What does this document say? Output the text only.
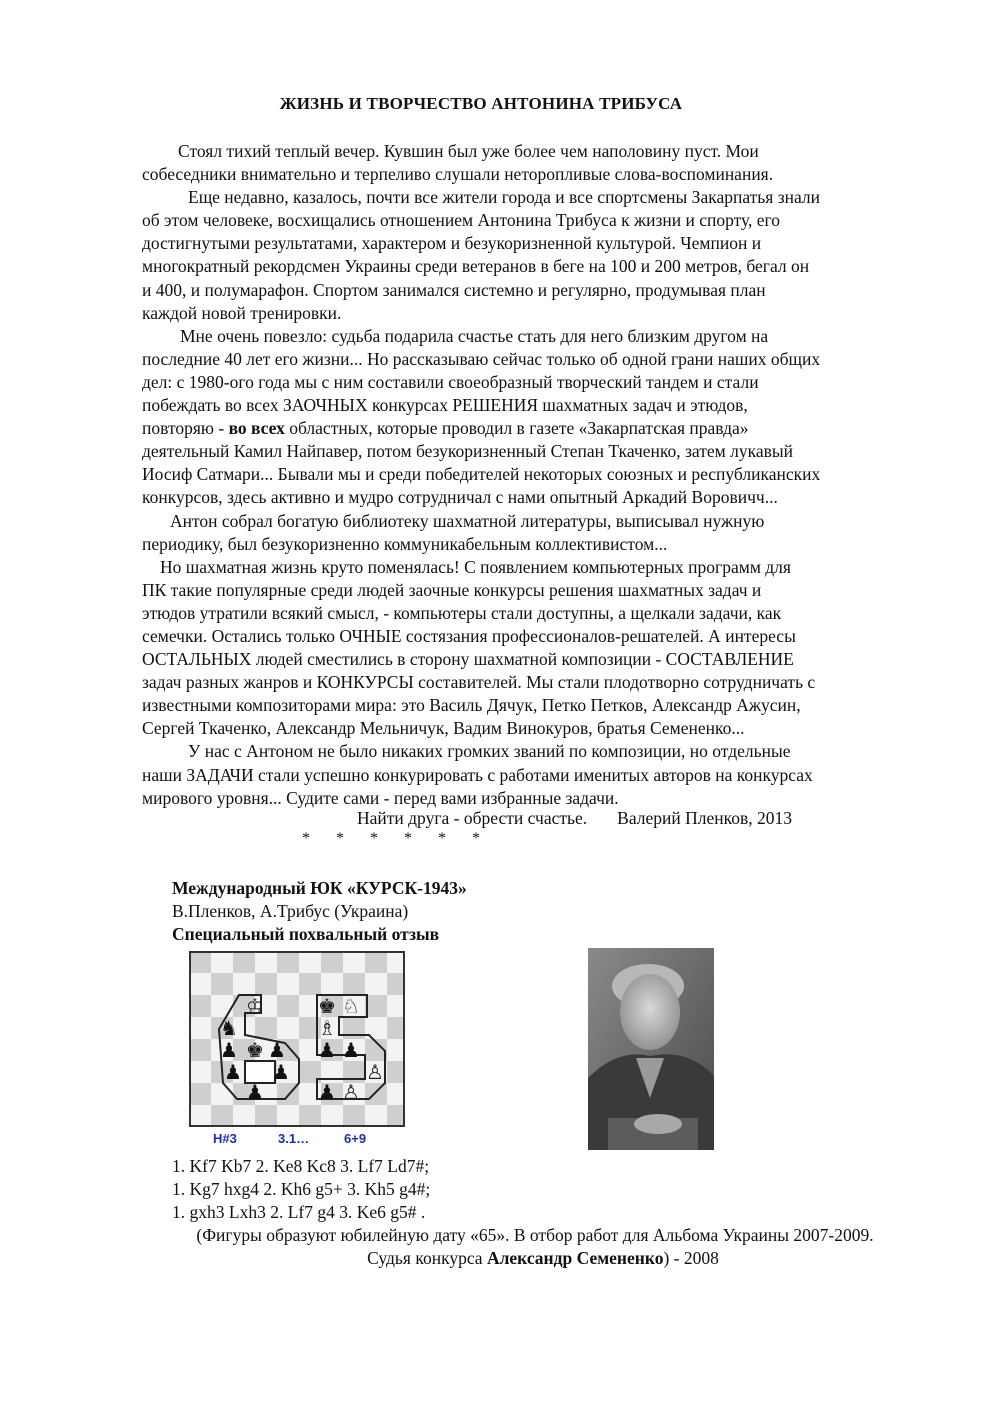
ЖИЗНЬ И ТВОРЧЕСТВО АНТОНИНА ТРИБУСА
Стоял тихий теплый вечер. Кувшин был уже более чем наполовину пуст. Мои
собеседники внимательно и терпеливо слушали неторопливые слова-воспоминания.
Еще недавно, казалось, почти все жители города и все спортсмены Закарпатья знали
об этом человеке, восхищались отношением Антонина Трибуса к жизни и спорту, его
достигнутыми результатами, характером и безукоризненной культурой. Чемпион и
многократный рекордсмен Украины среди ветеранов в беге на 100 и 200 метров, бегал он
и 400, и полумарафон. Спортом занимался системно и регулярно, продумывая план
каждой новой тренировки.
Мне очень повезло: судьба подарила счастье стать для него близким другом на
последние 40 лет его жизни... Но рассказываю сейчас только об одной грани наших общих
дел: с 1980-ого года мы с ним составили своеобразный творческий тандем и стали
побеждать во всех ЗАОЧНЫХ конкурсах РЕШЕНИЯ шахматных задач и этюдов,
повторяю - во всех областных, которые проводил в газете «Закарпатская правда»
деятельный Камил Найпавер, потом безукоризненный Степан Ткаченко, затем лукавый
Иосиф Сатмари... Бывали мы и среди победителей некоторых союзных и республиканских
конкурсов, здесь активно и мудро сотрудничал с нами опытный Аркадий Воровичч...
Антон собрал богатую библиотеку шахматной литературы, выписывал нужную
периодику, был безукоризненно коммуникабельным коллективистом...
Но шахматная жизнь круто поменялась! С появлением компьютерных программ для
ПК такие популярные среди людей заочные конкурсы решения шахматных задач и
этюдов утратили всякий смысл, - компьютеры стали доступны, а щелкали задачи, как
семечки. Остались только ОЧНЫЕ состязания профессионалов-решателей. А интересы
ОСТАЛЬНЫХ людей сместились в сторону шахматной композиции - СОСТАВЛЕНИЕ
задач разных жанров и КОНКУРСЫ составителей. Мы стали плодотворно сотрудничать с
известными композиторами мира: это Василь Дячук, Петко Петков, Александр Ажусин,
Сергей Ткаченко, Александр Мельничук, Вадим Винокуров, братья Семененко...
У нас с Антоном не было никаких громких званий по композиции, но отдельные
наши ЗАДАЧИ стали успешно конкурировать с работами именитых авторов на конкурсах
мирового уровня... Судите сами - перед вами избранные задачи.
Найти друга - обрести счастье. Валерий Пленков, 2013
* * * * * *
Международный ЮК «КУРСК-1943»
В.Пленков, А.Трибус (Украина)
Специальный похвальный отзыв
♔
♞
♟ ♚ ♟
♟ ♟
♟
♚ ♘
♗
♟ ♟
♙
♟ ♙
H#3	3.1…	6+9
1. Kf7 Kb7 2. Ke8 Kc8 3. Lf7 Ld7#;
1. Kg7 hxg4 2. Kh6 g5+ 3. Kh5 g4#;
1. gxh3 Lxh3 2. Lf7 g4 3. Ke6 g5# .
(Фигуры образуют юбилейную дату «65». В отбор работ для Альбома Украины 2007-2009.
Судья конкурса Александр Семененко) - 2008
